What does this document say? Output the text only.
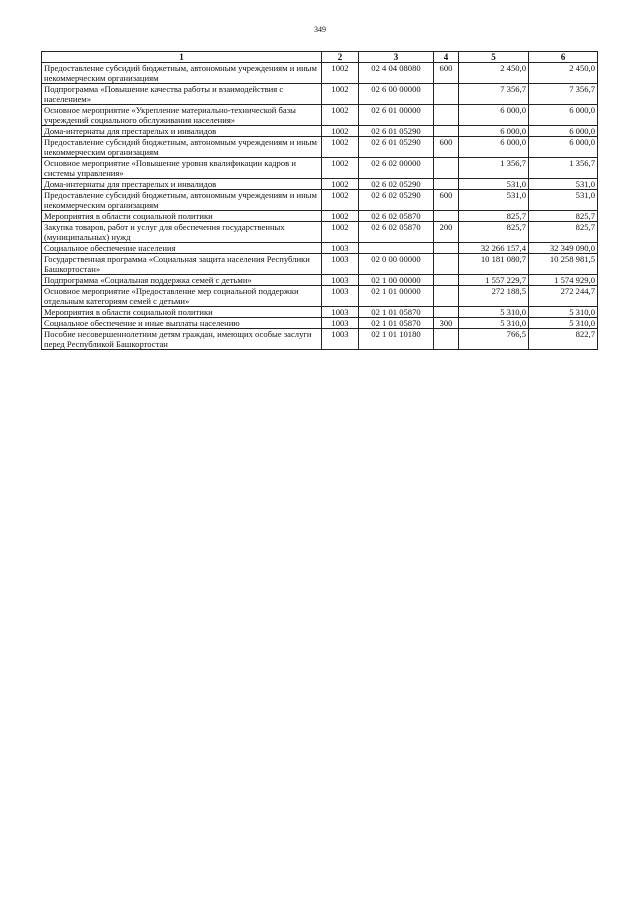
349
1	2	3	4	5	6
Предоставление субсидий бюджетным, автономным учреждениям и иным некоммерческим организациям	1002	02 4 04 08080	600	2 450,0	2 450,0
Подпрограмма «Повышение качества работы и взаимодействия с населением»	1002	02 6 00 00000		7 356,7	7 356,7
Основное мероприятие «Укрепление материально-технической базы учреждений социального обслуживания населения»	1002	02 6 01 00000		6 000,0	6 000,0
Дома-интернаты для престарелых и инвалидов	1002	02 6 01 05290		6 000,0	6 000,0
Предоставление субсидий бюджетным, автономным учреждениям и иным некоммерческим организациям	1002	02 6 01 05290	600	6 000,0	6 000,0
Основное мероприятие «Повышение уровня квалификации кадров и системы управления»	1002	02 6 02 00000		1 356,7	1 356,7
Дома-интернаты для престарелых и инвалидов	1002	02 6 02 05290		531,0	531,0
Предоставление субсидий бюджетным, автономным учреждениям и иным некоммерческим организациям	1002	02 6 02 05290	600	531,0	531,0
Мероприятия в области социальной политики	1002	02 6 02 05870		825,7	825,7
Закупка товаров, работ и услуг для обеспечения государственных (муниципальных) нужд	1002	02 6 02 05870	200	825,7	825,7
Социальное обеспечение населения	1003			32 266 157,4	32 349 090,0
Государственная программа «Социальная защита населения Республики Башкортостан»	1003	02 0 00 00000		10 181 080,7	10 258 981,5
Подпрограмма «Социальная поддержка семей с детьми»	1003	02 1 00 00000		1 557 229,7	1 574 929,0
Основное мероприятие «Предоставление мер социальной поддержки отдельным категориям семей с детьми»	1003	02 1 01 00000		272 188,5	272 244,7
Мероприятия в области социальной политики	1003	02 1 01 05870		5 310,0	5 310,0
Социальное обеспечение и иные выплаты населению	1003	02 1 01 05870	300	5 310,0	5 310,0
Пособие несовершеннолетним детям граждан, имеющих особые заслуги перед Республикой Башкортостан	1003	02 1 01 10180		766,5	822,7
